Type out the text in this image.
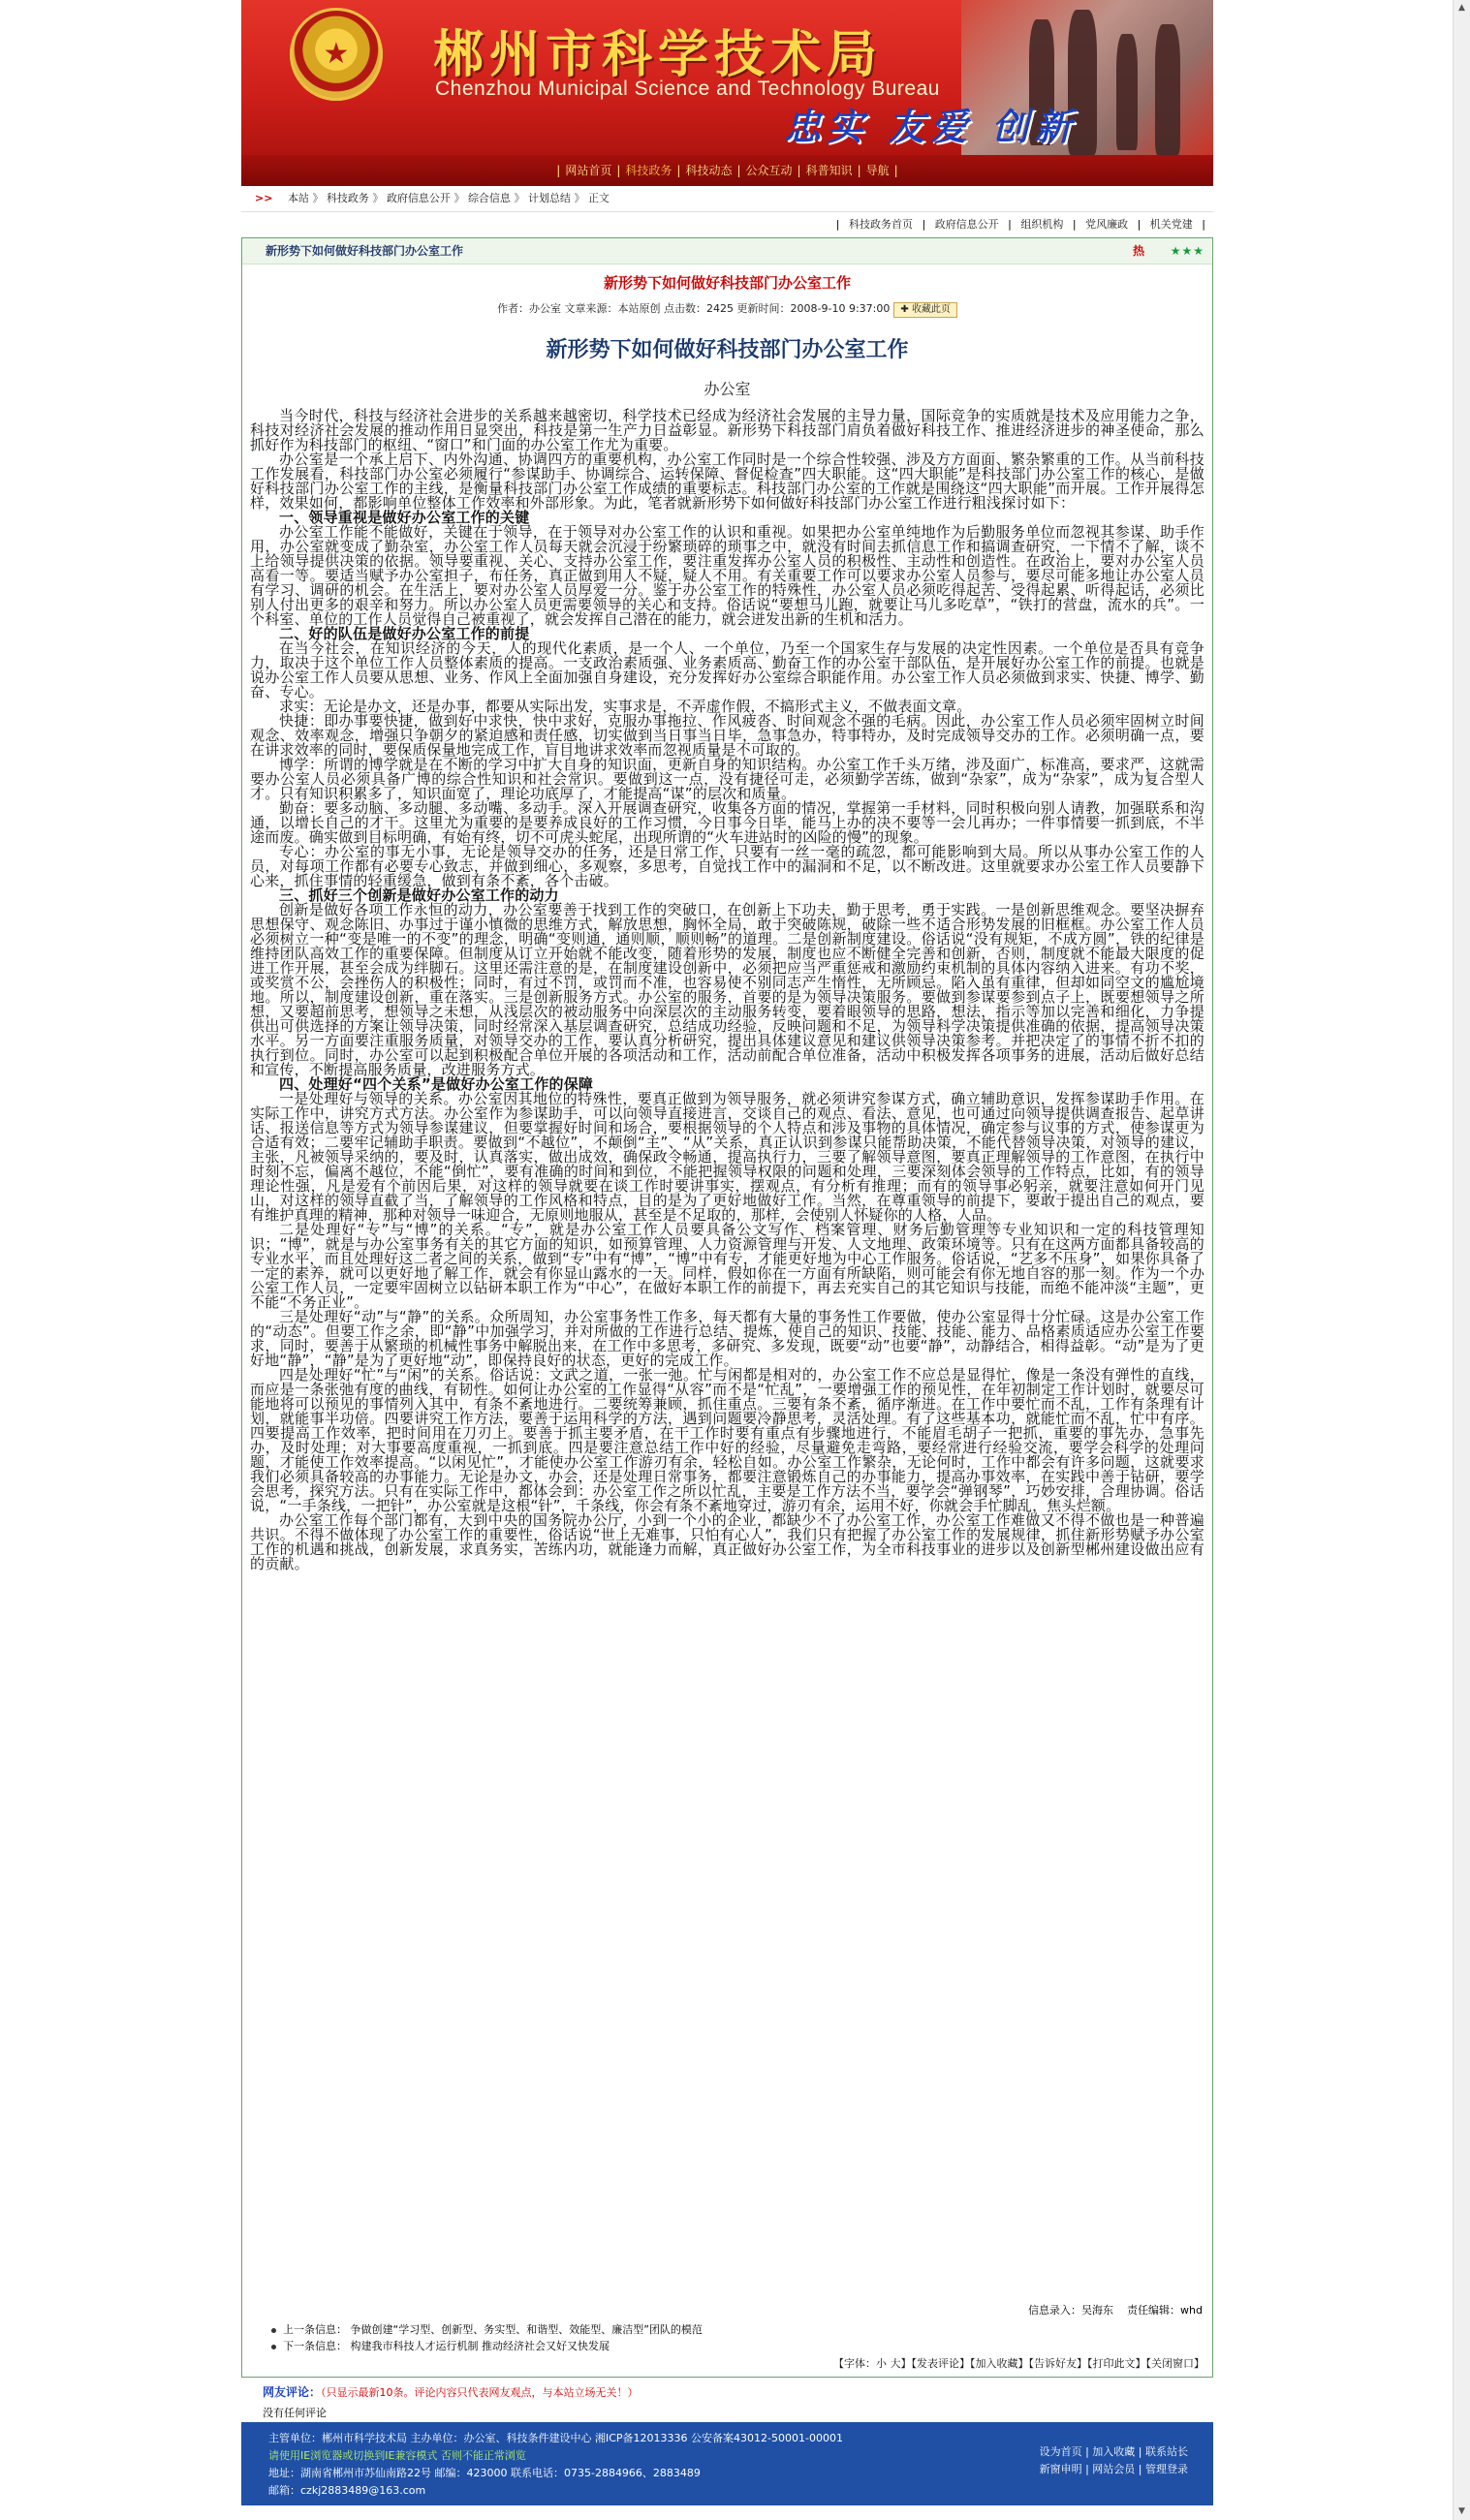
★	郴州市科学技术局
Chenzhou Municipal Science and Technology Bureau
忠实 友爱 创新
| 网站首页 | 科技政务 | 科技动态 | 公众互动 | 科普知识 | 导航 |
>> 本站 》 科技政务 》 政府信息公开 》 综合信息 》 计划总结 》 正文
| 科技政务首页 | 政府信息公开 | 组织机构 | 党风廉政 | 机关党建 |
新形势下如何做好科技部门办公室工作	热 ★★★
新形势下如何做好科技部门办公室工作
作者：办公室 文章来源：本站原创 点击数：2425 更新时间：2008-9-10 9:37:00 ✚ 收藏此页
新形势下如何做好科技部门办公室工作
办公室

当今时代，科技与经济社会进步的关系越来越密切，科学技术已经成为经济社会发展的主导力量，国际竞争的实质就是技术及应用能力之争，科技对经济社会发展的推动作用日显突出，科技是第一生产力日益彰显。新形势下科技部门肩负着做好科技工作、推进经济进步的神圣使命，那么抓好作为科技部门的枢纽、“窗口”和门面的办公室工作尤为重要。

办公室是一个承上启下、内外沟通、协调四方的重要机构，办公室工作同时是一个综合性较强、涉及方方面面、繁杂繁重的工作。从当前科技工作发展看，科技部门办公室必须履行“参谋助手、协调综合、运转保障、督促检查”四大职能。这“四大职能”是科技部门办公室工作的核心，是做好科技部门办公室工作的主线，是衡量科技部门办公室工作成绩的重要标志。科技部门办公室的工作就是围绕这“四大职能”而开展。工作开展得怎样，效果如何，都影响单位整体工作效率和外部形象。为此，笔者就新形势下如何做好科技部门办公室工作进行粗浅探讨如下：

一、领导重视是做好办公室工作的关键

办公室工作能不能做好，关键在于领导，在于领导对办公室工作的认识和重视。如果把办公室单纯地作为后勤服务单位而忽视其参谋、助手作用，办公室就变成了勤杂室，办公室工作人员每天就会沉浸于纷繁琐碎的琐事之中，就没有时间去抓信息工作和搞调查研究，一下情不了解，谈不上给领导提供决策的依据。领导要重视、关心、支持办公室工作，要注重发挥办公室人员的积极性、主动性和创造性。在政治上，要对办公室人员高看一等。要适当赋予办公室担子，布任务，真正做到用人不疑，疑人不用。有关重要工作可以要求办公室人员参与，要尽可能多地让办公室人员有学习、调研的机会。在生活上，要对办公室人员厚爱一分。鉴于办公室工作的特殊性，办公室人员必须吃得起苦、受得起累、听得起话，必须比别人付出更多的艰辛和努力。所以办公室人员更需要领导的关心和支持。俗话说“要想马儿跑，就要让马儿多吃草”，“铁打的营盘，流水的兵”。一个科室、单位的工作人员觉得自己被重视了，就会发挥自己潜在的能力，就会迸发出新的生机和活力。

二、好的队伍是做好办公室工作的前提

在当今社会，在知识经济的今天，人的现代化素质，是一个人、一个单位，乃至一个国家生存与发展的决定性因素。一个单位是否具有竞争力，取决于这个单位工作人员整体素质的提高。一支政治素质强、业务素质高、勤奋工作的办公室干部队伍，是开展好办公室工作的前提。也就是说办公室工作人员要从思想、业务、作风上全面加强自身建设，充分发挥好办公室综合职能作用。办公室工作人员必须做到求实、快捷、博学、勤奋、专心。

求实：无论是办文，还是办事，都要从实际出发，实事求是，不弄虚作假，不搞形式主义，不做表面文章。

快捷：即办事要快捷，做到好中求快，快中求好，克服办事拖拉、作风疲沓、时间观念不强的毛病。因此，办公室工作人员必须牢固树立时间观念、效率观念，增强只争朝夕的紧迫感和责任感，切实做到当日事当日毕，急事急办，特事特办，及时完成领导交办的工作。必须明确一点，要在讲求效率的同时，要保质保量地完成工作，盲目地讲求效率而忽视质量是不可取的。

博学：所谓的博学就是在不断的学习中扩大自身的知识面，更新自身的知识结构。办公室工作千头万绪，涉及面广，标准高，要求严，这就需要办公室人员必须具备广博的综合性知识和社会常识。要做到这一点，没有捷径可走，必须勤学苦练，做到“杂家”，成为“杂家”，成为复合型人才。只有知识积累多了，知识面宽了，理论功底厚了，才能提高“谋”的层次和质量。

勤奋：要多动脑、多动腿、多动嘴、多动手。深入开展调查研究，收集各方面的情况，掌握第一手材料，同时积极向别人请教，加强联系和沟通，以增长自己的才干。这里尤为重要的是要养成良好的工作习惯，今日事今日毕，能马上办的决不要等一会儿再办；一件事情要一抓到底，不半途而废。确实做到目标明确，有始有终，切不可虎头蛇尾，出现所谓的“火车进站时的凶险的慢”的现象。

专心：办公室的事无小事，无论是领导交办的任务，还是日常工作，只要有一丝一毫的疏忽，都可能影响到大局。所以从事办公室工作的人员，对每项工作都有必要专心致志，并做到细心，多观察，多思考，自觉找工作中的漏洞和不足，以不断改进。这里就要求办公室工作人员要静下心来，抓住事情的轻重缓急，做到有条不紊，各个击破。

三、抓好三个创新是做好办公室工作的动力

创新是做好各项工作永恒的动力，办公室要善于找到工作的突破口，在创新上下功夫，勤于思考，勇于实践。一是创新思维观念。要坚决摒弃思想保守、观念陈旧、办事过于谨小慎微的思维方式，解放思想，胸怀全局，敢于突破陈规，破除一些不适合形势发展的旧框框。办公室工作人员必须树立一种“变是唯一的不变”的理念，明确“变则通，通则顺，顺则畅”的道理。二是创新制度建设。俗话说“没有规矩，不成方圆”，铁的纪律是维持团队高效工作的重要保障。但制度从订立开始就不能改变，随着形势的发展，制度也应不断健全完善和创新，否则，制度就不能最大限度的促进工作开展，甚至会成为绊脚石。这里还需注意的是，在制度建设创新中，必须把应当严重惩戒和激励约束机制的具体内容纳入进来。有功不奖，或奖赏不公，会挫伤人的积极性；同时，有过不罚，或罚而不准，也容易使不别同志产生惰性，无所顾忌。陷入虽有重律，但却如同空文的尴尬境地。所以，制度建设创新，重在落实。三是创新服务方式。办公室的服务，首要的是为领导决策服务。要做到参谋要参到点子上，既要想领导之所想，又要超前思考，想领导之未想，从浅层次的被动服务中向深层次的主动服务转变，要着眼领导的思路，想法，指示等加以完善和细化，力争提供出可供选择的方案让领导决策，同时经常深入基层调查研究，总结成功经验，反映问题和不足，为领导科学决策提供准确的依据，提高领导决策水平。另一方面要注重服务质量，对领导交办的工作，要认真分析研究，提出具体建议意见和建议供领导决策参考。并把决定了的事情不折不扣的执行到位。同时，办公室可以起到积极配合单位开展的各项活动和工作，活动前配合单位准备，活动中积极发挥各项事务的进展，活动后做好总结和宣传，不断提高服务质量，改进服务方式。

四、处理好“四个关系”是做好办公室工作的保障

一是处理好与领导的关系。办公室因其地位的特殊性，要真正做到为领导服务，就必须讲究参谋方式，确立辅助意识，发挥参谋助手作用。在实际工作中，讲究方式方法。办公室作为参谋助手，可以向领导直接进言，交谈自己的观点、看法、意见，也可通过向领导提供调查报告、起草讲话、报送信息等方式为领导参谋建议，但要掌握好时间和场合，要根据领导的个人特点和涉及事物的具体情况，确定参与议事的方式，使参谋更为合适有效；二要牢记辅助手职责。要做到“不越位”，不颠倒“主”、“从”关系，真正认识到参谋只能帮助决策，不能代替领导决策，对领导的建议，主张，凡被领导采纳的，要及时，认真落实，做出成效，确保政令畅通，提高执行力，三要了解领导意图，要真正理解领导的工作意图，在执行中时刻不忘，偏离不越位，不能“倒忙”，要有准确的时间和到位，不能把握领导权限的问题和处理，三要深刻体会领导的工作特点，比如，有的领导理论性强，凡是爱有个前因后果，对这样的领导就要在谈工作时要讲事实，摆观点，有分析有推理；而有的领导事必躬亲，就要注意如何开门见山，对这样的领导直截了当，了解领导的工作风格和特点，目的是为了更好地做好工作。当然，在尊重领导的前提下，要敢于提出自己的观点，要有维护真理的精神，那种对领导一味迎合，无原则地服从，甚至是不足取的，那样，会使别人怀疑你的人格，人品。

二是处理好“专”与“博”的关系。“专”，就是办公室工作人员要具备公文写作、档案管理、财务后勤管理等专业知识和一定的科技管理知识；“博”，就是与办公室事务有关的其它方面的知识，如预算管理、人力资源管理与开发、人文地理、政策环境等。只有在这两方面都具备较高的专业水平，而且处理好这二者之间的关系，做到“专”中有“博”，“博”中有专，才能更好地为中心工作服务。俗话说，“艺多不压身”，如果你具备了一定的素养，就可以更好地了解工作，就会有你显山露水的一天。同样，假如你在一方面有所缺陷，则可能会有你无地自容的那一刻。作为一个办公室工作人员，一定要牢固树立以钻研本职工作为“中心”，在做好本职工作的前提下，再去充实自己的其它知识与技能，而绝不能冲淡“主题”，更不能“不务正业”。

三是处理好“动”与“静”的关系。众所周知，办公室事务性工作多，每天都有大量的事务性工作要做，使办公室显得十分忙碌。这是办公室工作的“动态”。但要工作之余，即“静”中加强学习，并对所做的工作进行总结、提炼，使自己的知识、技能、技能、能力、品格素质适应办公室工作要求，同时，要善于从繁琐的机械性事务中解脱出来，在工作中多思考，多研究、多发现，既要“动”也要“静”，动静结合，相得益彰。“动”是为了更好地“静”，“静”是为了更好地“动”，即保持良好的状态，更好的完成工作。

四是处理好“忙”与“闲”的关系。俗话说：文武之道，一张一弛。忙与闲都是相对的，办公室工作不应总是显得忙，像是一条没有弹性的直线，而应是一条张弛有度的曲线，有韧性。如何让办公室的工作显得“从容”而不是“忙乱”，一要增强工作的预见性，在年初制定工作计划时，就要尽可能地将可以预见的事情列入其中，有条不紊地进行。二要统筹兼顾，抓住重点。三要有条不紊，循序渐进。在工作中要忙而不乱，工作有条理有计划，就能事半功倍。四要讲究工作方法，要善于运用科学的方法，遇到问题要冷静思考，灵活处理。有了这些基本功，就能忙而不乱，忙中有序。四要提高工作效率，把时间用在刀刃上。要善于抓主要矛盾，在干工作时要有重点有步骤地进行，不能眉毛胡子一把抓，重要的事先办，急事先办，及时处理；对大事要高度重视，一抓到底。四是要注意总结工作中好的经验，尽量避免走弯路，要经常进行经验交流，要学会科学的处理问题，才能使工作效率提高。“以闲见忙”，才能使办公室工作游刃有余，轻松自如。办公室工作繁杂，无论何时，工作中都会有许多问题，这就要求我们必须具备较高的办事能力。无论是办文，办会，还是处理日常事务，都要注意锻炼自己的办事能力，提高办事效率，在实践中善于钻研，要学会思考，探究方法。只有在实际工作中，都体会到：办公室工作之所以忙乱，主要是工作方法不当，要学会“弹钢琴”，巧妙安排，合理协调。俗话说，“一手条线，一把针”，办公室就是这根“针”，千条线，你会有条不紊地穿过，游刃有余，运用不好，你就会手忙脚乱，焦头烂额。

办公室工作每个部门都有，大到中央的国务院办公厅，小到一个小的企业，都缺少不了办公室工作，办公室工作难做又不得不做也是一种普遍共识。不得不做体现了办公室工作的重要性，俗话说“世上无难事，只怕有心人”，我们只有把握了办公室工作的发展规律，抓住新形势赋予办公室工作的机遇和挑战，创新发展，求真务实，苦练内功，就能逢力而解，真正做好办公室工作，为全市科技事业的进步以及创新型郴州建设做出应有的贡献。

信息录入：吴海东 责任编辑：whd
上一条信息： 争做创建“学习型、创新型、务实型、和谐型、效能型、廉洁型”团队的模范
下一条信息： 构建我市科技人才运行机制 推动经济社会又好又快发展
【字体：小 大】【发表评论】【加入收藏】【告诉好友】【打印此文】【关闭窗口】
网友评论：（只显示最新10条。评论内容只代表网友观点，与本站立场无关！）
没有任何评论
主管单位：郴州市科学技术局 主办单位：办公室、科技条件建设中心 湘ICP备12013336 公安备案43012-50001-00001
请使用IE浏览器或切换到IE兼容模式 否则不能正常浏览
地址：湖南省郴州市苏仙南路22号 邮编：423000 联系电话：0735-2884966、2883489
邮箱：czkj2883489@163.com
设为首页 | 加入收藏 | 联系站长
新窗申明 | 网站会员 | 管理登录
▲
▼
